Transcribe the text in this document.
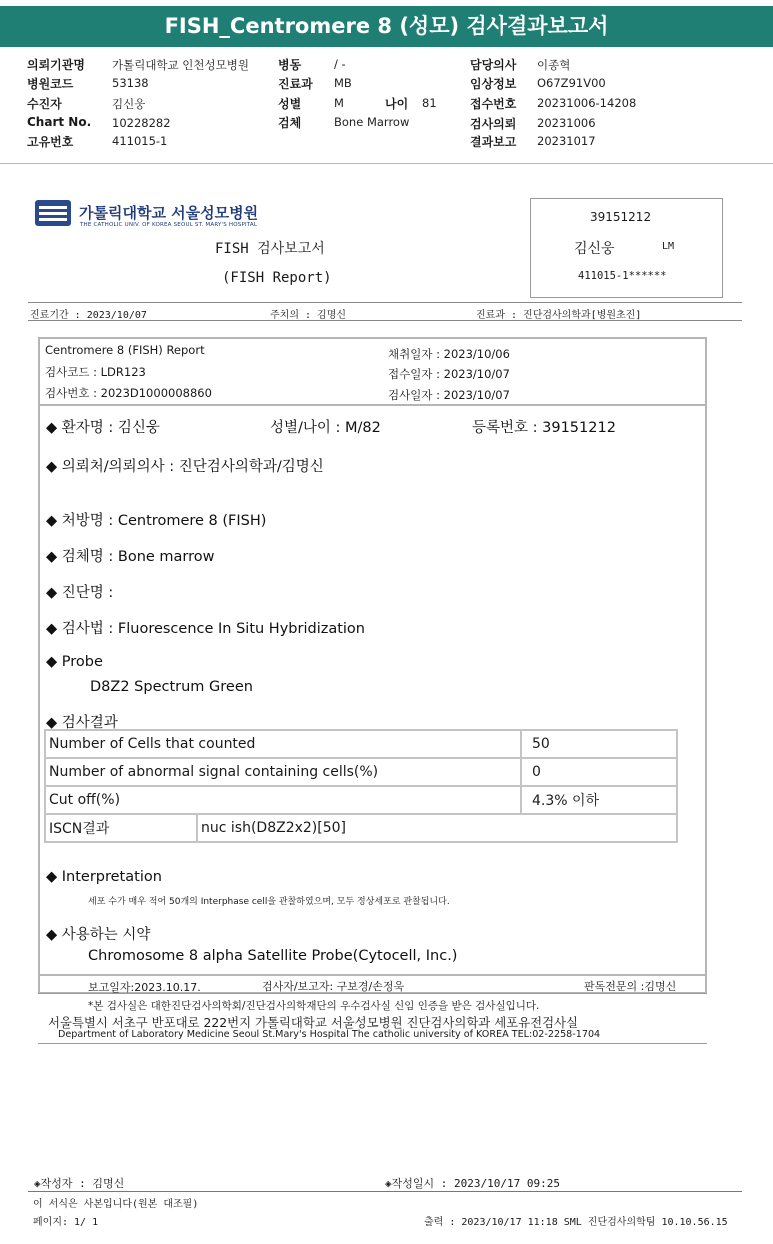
FISH_Centromere 8 (성모) 검사결과보고서
의뢰기관명 가톨릭대학교 인천성모병원
병원코드	53138
수진자	김신웅
Chart No. 10228282
고유번호	411015-1
병동	/ -
진료과 MB
성별	M	나이 81
검체	Bone Marrow
담당의사 이종혁
임상정보 O67Z91V00
접수번호 20231006-14208
검사의뢰 20231006
결과보고 20231017
가톨릭대학교 서울성모병원
THE CATHOLIC UNIV. OF KOREA SEOUL ST. MARY'S HOSPITAL
FISH 검사보고서
(FISH Report)
39151212
김신웅	LM
411015-1******
진료기간 : 2023/10/07	주치의 : 김명신	진료과 : 진단검사의학과[병원초진]
Centromere 8 (FISH) Report
검사코드 : LDR123
검사번호 : 2023D1000008860
채취일자 : 2023/10/06
접수일자 : 2023/10/07
검사일자 : 2023/10/07
◆ 환자명 : 김신웅	성별/나이 : M/82	등록번호 : 39151212
◆ 의뢰처/의뢰의사 : 진단검사의학과/김명신
◆ 처방명 : Centromere 8 (FISH)
◆ 검체명 : Bone marrow
◆ 진단명 :
◆ 검사법 : Fluorescence In Situ Hybridization
◆ Probe
D8Z2 Spectrum Green
◆ 검사결과
Number of Cells that counted		50
Number of abnormal signal containing cells(%)		0
Cut off(%)		4.3% 이하
ISCN결과	nuc ish(D8Z2x2)[50]	
◆ Interpretation
세포 수가 매우 적어 50개의 Interphase cell을 관찰하였으며, 모두 정상세포로 관찰됩니다.
◆ 사용하는 시약
Chromosome 8 alpha Satellite Probe(Cytocell, Inc.)
보고일자:2023.10.17.	검사자/보고자: 구보경/손정욱	판독전문의 :김명신
*본 검사실은 대한진단검사의학회/진단검사의학재단의 우수검사실 신임 인증을 받은 검사실입니다.
서울특별시 서초구 반포대로 222번지 가톨릭대학교 서울성모병원 진단검사의학과 세포유전검사실
Department of Laboratory Medicine Seoul St.Mary's Hospital The catholic university of KOREA TEL:02-2258-1704
◈작성자 : 김명신	◈작성일시 : 2023/10/17 09:25
이 서식은 사본입니다(원본 대조필)
페이지: 1/ 1	출력 : 2023/10/17 11:18 SML 진단검사의학팀 10.10.56.15
